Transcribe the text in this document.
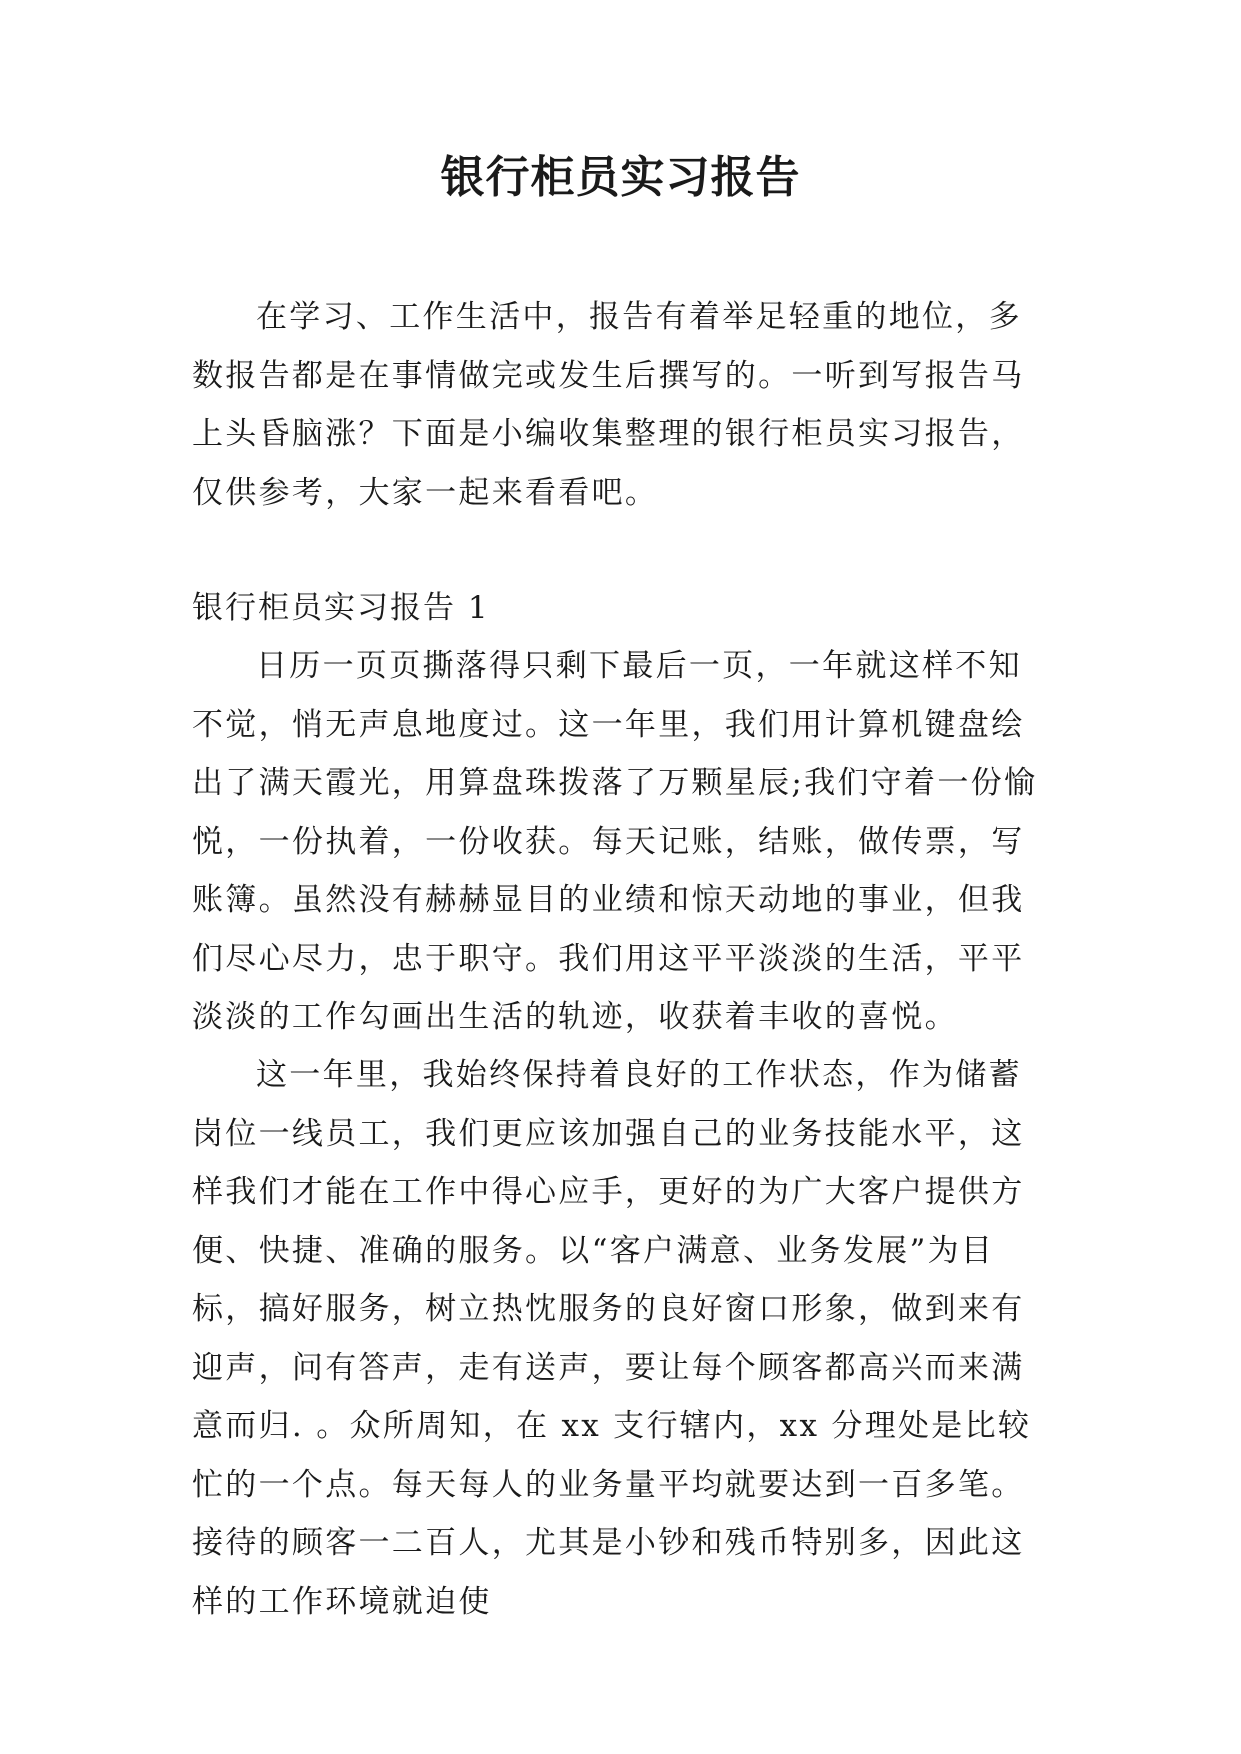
银行柜员实习报告

在学习、工作生活中，报告有着举足轻重的地位，多数报告都是在事情做完或发生后撰写的。一听到写报告马上头昏脑涨？下面是小编收集整理的银行柜员实习报告，仅供参考，大家一起来看看吧。

银行柜员实习报告 1

日历一页页撕落得只剩下最后一页，一年就这样不知不觉，悄无声息地度过。这一年里，我们用计算机键盘绘出了满天霞光，用算盘珠拨落了万颗星辰;我们守着一份愉悦，一份执着，一份收获。每天记账，结账，做传票，写账簿。虽然没有赫赫显目的业绩和惊天动地的事业，但我们尽心尽力，忠于职守。我们用这平平淡淡的生活，平平淡淡的工作勾画出生活的轨迹，收获着丰收的喜悦。

这一年里，我始终保持着良好的工作状态，作为储蓄岗位一线员工，我们更应该加强自己的业务技能水平，这样我们才能在工作中得心应手，更好的为广大客户提供方便、快捷、准确的服务。以“客户满意、业务发展”为目标，搞好服务，树立热忱服务的良好窗口形象，做到来有迎声，问有答声，走有送声，要让每个顾客都高兴而来满意而归. 。众所周知，在 xx 支行辖内，xx 分理处是比较忙的一个点。每天每人的业务量平均就要达到一百多笔。接待的顾客一二百人，尤其是小钞和残币特别多，因此这样的工作环境就迫使
